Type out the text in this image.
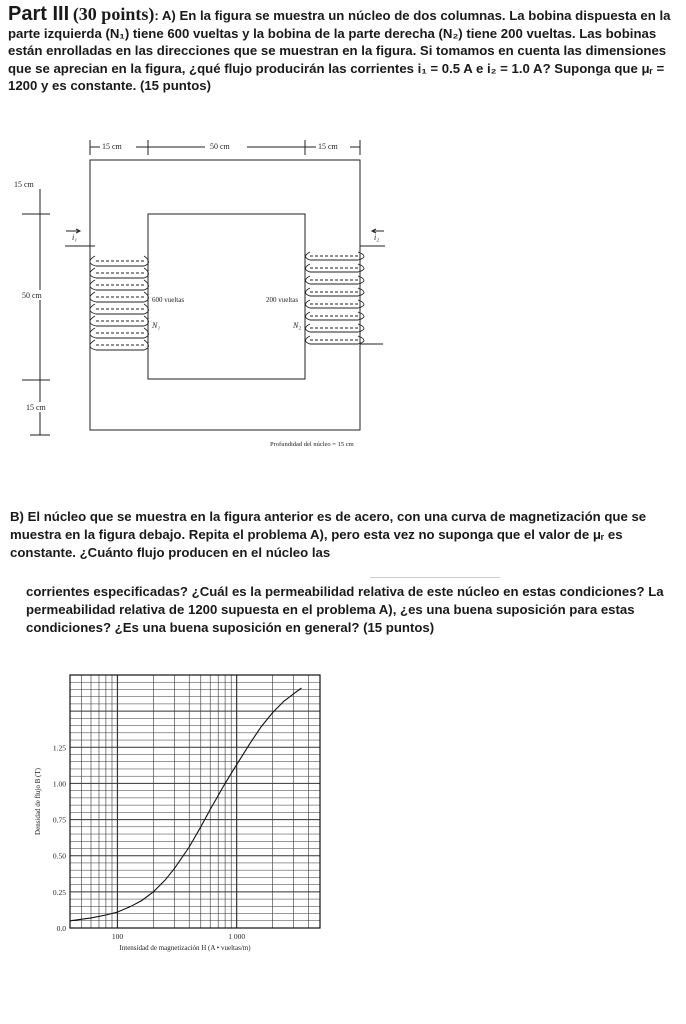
Part III (30 points): A) En la figura se muestra un núcleo de dos columnas. La bobina dispuesta en la parte izquierda (N₁) tiene 600 vueltas y la bobina de la parte derecha (N₂) tiene 200 vueltas. Las bobinas están enrolladas en las direcciones que se muestran en la figura. Si tomamos en cuenta las dimensiones que se aprecian en la figura, ¿qué flujo producirán las corrientes i₁ = 0.5 A e i₂ = 1.0 A? Suponga que μᵣ = 1200 y es constante. (15 puntos)
15 cm	50 cm	15 cm
15 cm
50 cm
15 cm
i₁	i₂
600 vueltas
N₁
200 vueltas
N₂
Profundidad del núcleo = 15 cm
B) El núcleo que se muestra en la figura anterior es de acero, con una curva de magnetización que se muestra en la figura debajo. Repita el problema A), pero esta vez no suponga que el valor de μᵣ es constante. ¿Cuánto flujo producen en el núcleo las
corrientes especificadas? ¿Cuál es la permeabilidad relativa de este núcleo en estas condiciones? La permeabilidad relativa de 1200 supuesta en el problema A), ¿es una buena suposición para estas condiciones? ¿Es una buena suposición en general? (15 puntos)
0.0
0.25
0.50
0.75
1.00
1.25
100	1 000
Intensidad de magnetización H (A • vueltas/m)
Densidad de flujo B (T)
